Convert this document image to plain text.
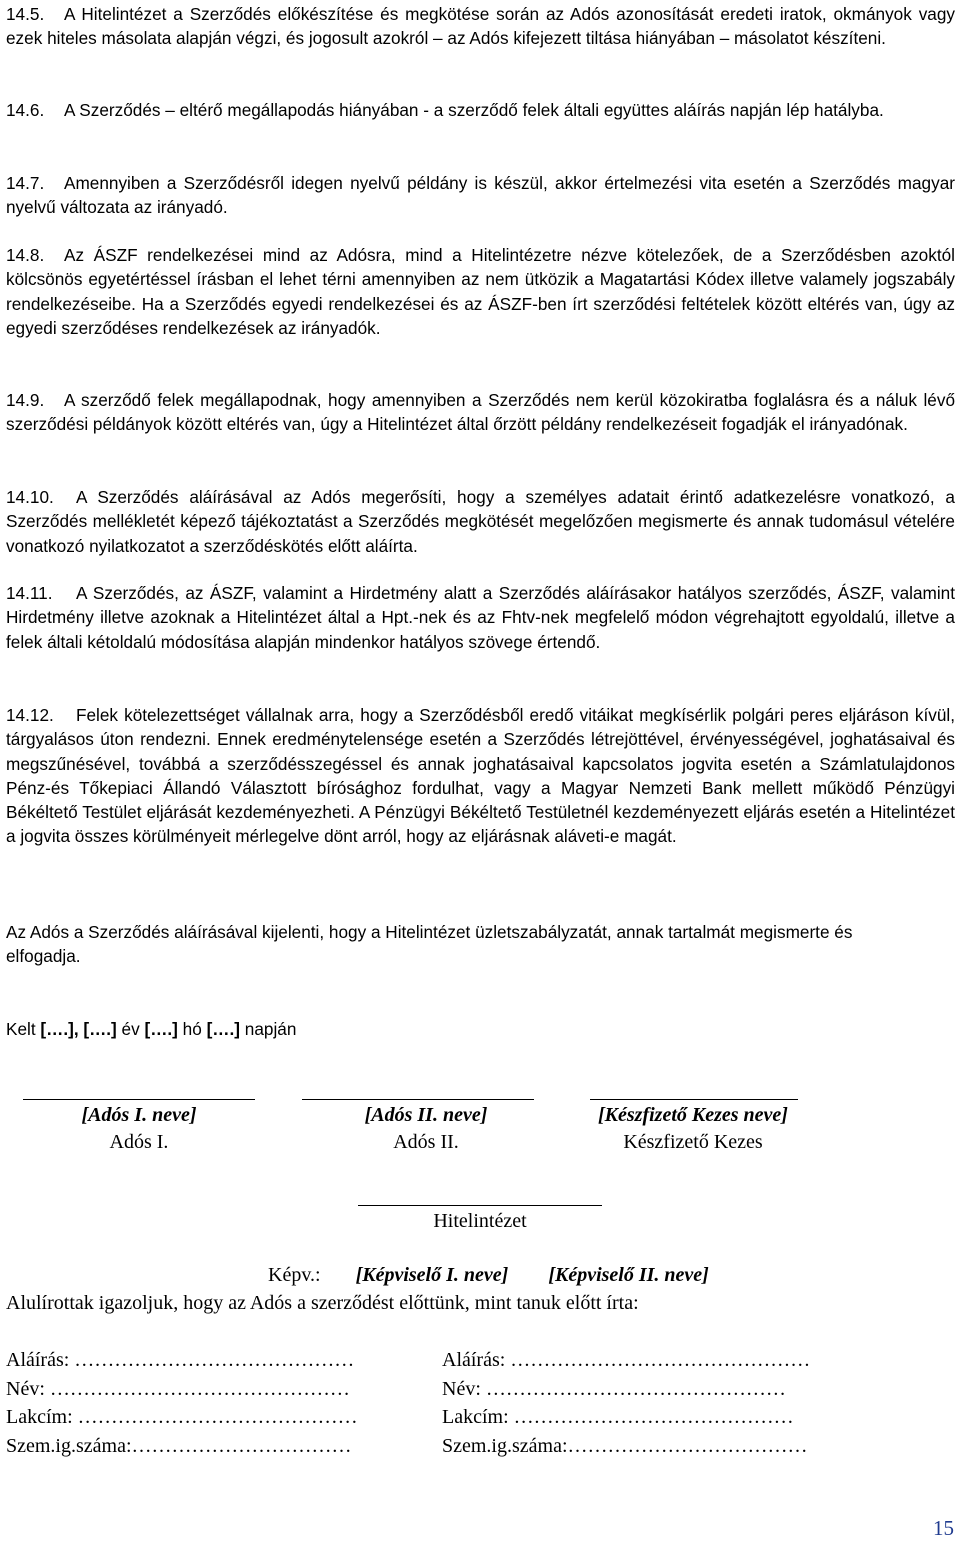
14.5. A Hitelintézet a Szerződés előkészítése és megkötése során az Adós azonosítását eredeti iratok, okmányok vagy ezek hiteles másolata alapján végzi, és jogosult azokról – az Adós kifejezett tiltása hiányában – másolatot készíteni.
14.6. A Szerződés – eltérő megállapodás hiányában - a szerződő felek általi együttes aláírás napján lép hatályba.
14.7. Amennyiben a Szerződésről idegen nyelvű példány is készül, akkor értelmezési vita esetén a Szerződés magyar nyelvű változata az irányadó.
14.8. Az ÁSZF rendelkezései mind az Adósra, mind a Hitelintézetre nézve kötelezőek, de a Szerződésben azoktól kölcsönös egyetértéssel írásban el lehet térni amennyiben az nem ütközik a Magatartási Kódex illetve valamely jogszabály rendelkezéseibe. Ha a Szerződés egyedi rendelkezései és az ÁSZF-ben írt szerződési feltételek között eltérés van, úgy az egyedi szerződéses rendelkezések az irányadók.
14.9. A szerződő felek megállapodnak, hogy amennyiben a Szerződés nem kerül közokiratba foglalásra és a náluk lévő szerződési példányok között eltérés van, úgy a Hitelintézet által őrzött példány rendelkezéseit fogadják el irányadónak.
14.10. A Szerződés aláírásával az Adós megerősíti, hogy a személyes adatait érintő adatkezelésre vonatkozó, a Szerződés mellékletét képező tájékoztatást a Szerződés megkötését megelőzően megismerte és annak tudomásul vételére vonatkozó nyilatkozatot a szerződéskötés előtt aláírta.
14.11. A Szerződés, az ÁSZF, valamint a Hirdetmény alatt a Szerződés aláírásakor hatályos szerződés, ÁSZF, valamint Hirdetmény illetve azoknak a Hitelintézet által a Hpt.-nek és az Fhtv-nek megfelelő módon végrehajtott egyoldalú, illetve a felek általi kétoldalú módosítása alapján mindenkor hatályos szövege értendő.
14.12. Felek kötelezettséget vállalnak arra, hogy a Szerződésből eredő vitáikat megkísérlik polgári peres eljáráson kívül, tárgyalásos úton rendezni. Ennek eredménytelensége esetén a Szerződés létrejöttével, érvényességével, joghatásaival és megszűnésével, továbbá a szerződésszegéssel és annak joghatásaival kapcsolatos jogvita esetén a Számlatulajdonos Pénz-és Tőkepiaci Állandó Választott bírósághoz fordulhat, vagy a Magyar Nemzeti Bank mellett működő Pénzügyi Békéltető Testület eljárását kezdeményezheti. A Pénzügyi Békéltető Testületnél kezdeményezett eljárás esetén a Hitelintézet a jogvita összes körülményeit mérlegelve dönt arról, hogy az eljárásnak aláveti-e magát.
Az Adós a Szerződés aláírásával kijelenti, hogy a Hitelintézet üzletszabályzatát, annak tartalmát megismerte és elfogadja.
Kelt [….], [….] év [….] hó [….] napján
[Adós I. neve]
Adós I.
[Adós II. neve]
Adós II.
[Készfizető Kezes neve]
Készfizető Kezes
Hitelintézet
Képv.: [Képviselő I. neve] [Képviselő II. neve]
Alulírottak igazoljuk, hogy az Adós a szerződést előttünk, mint tanuk előtt írta:
Aláírás: ……………………………………
Név: ………………………………………
Lakcím: ……………………………………
Szem.ig.száma:……………………………
Aláírás: ………………………………………
Név: ………………………………………
Lakcím: ……………………………………
Szem.ig.száma:………………………………
15
